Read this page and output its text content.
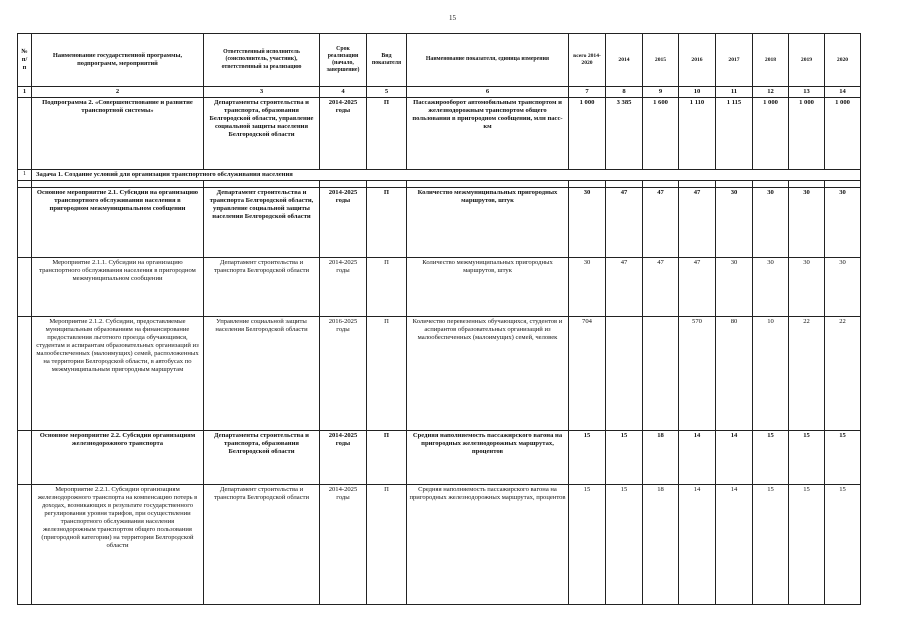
15
№ п/п	Наименование государственной программы, подпрограмм, мероприятий	Ответственный исполнитель (соисполнитель, участник), ответственный за реализацию	Срок реализации (начало, завершение)	Вид показателя	Наименование показателя, единица измерения	всего 2014-2020	2014	2015	2016	2017	2018	2019	2020
1	2	3	4	5	6	7	8	9	10	11	12	13	14
	Подпрограмма 2. «Совершенствование и развитие транспортной системы»	Департаменты строительства и транспорта, образования Белгородской области, управление социальной защиты населения Белгородской области	2014-2025 годы	П	Пассажирооборот автомобильным транспортом и железнодорожным транспортом общего пользования в пригородном сообщении, млн пасс-км	1 000	3 385	1 600	1 110	1 115	1 000	1 000	1 000
1	Задача 1. Создание условий для организации транспортного обслуживания населения												

	Основное мероприятие 2.1. Субсидии на организацию транспортного обслуживания населения в пригородном межмуниципальном сообщении	Департамент строительства и транспорта Белгородской области, управление социальной защиты населения Белгородской области	2014-2025 годы	П	Количество межмуниципальных пригородных маршрутов, штук	30	47	47	47	30	30	30	30
	Мероприятие 2.1.1. Субсидии на организацию транспортного обслуживания населения в пригородном межмуниципальном сообщении	Департамент строительства и транспорта Белгородской области	2014-2025 годы	П	Количество межмуниципальных пригородных маршрутов, штук	30	47	47	47	30	30	30	30
	Мероприятие 2.1.2. Субсидии, предоставляемые муниципальным образованиям на финансирование предоставления льготного проезда обучающимся, студентам и аспирантам образовательных организаций из малообеспеченных (малоимущих) семей, расположенных на территории Белгородской области, в автобусах по межмуниципальным пригородным маршрутам	Управление социальной защиты населения Белгородской области	2016-2025 годы	П	Количество перевезенных обучающихся, студентов и аспирантов образовательных организаций из малообеспеченных (малоимущих) семей, человек	704			570	80	10	22	22
	Основное мероприятие 2.2. Субсидии организациям железнодорожного транспорта	Департаменты строительства и транспорта, образования Белгородской области	2014-2025 годы	П	Средняя наполняемость пассажирского вагона на пригородных железнодорожных маршрутах, процентов	15	15	18	14	14	15	15	15
	Мероприятие 2.2.1. Субсидии организациям железнодорожного транспорта на компенсацию потерь в доходах, возникающих в результате государственного регулирования уровня тарифов, при осуществлении транспортного обслуживания населения железнодорожным транспортом общего пользования (пригородной категории) на территории Белгородской области	Департамент строительства и транспорта Белгородской области	2014-2025 годы	П	Средняя наполняемость пассажирского вагона на пригородных железнодорожных маршрутах, процентов	15	15	18	14	14	15	15	15
